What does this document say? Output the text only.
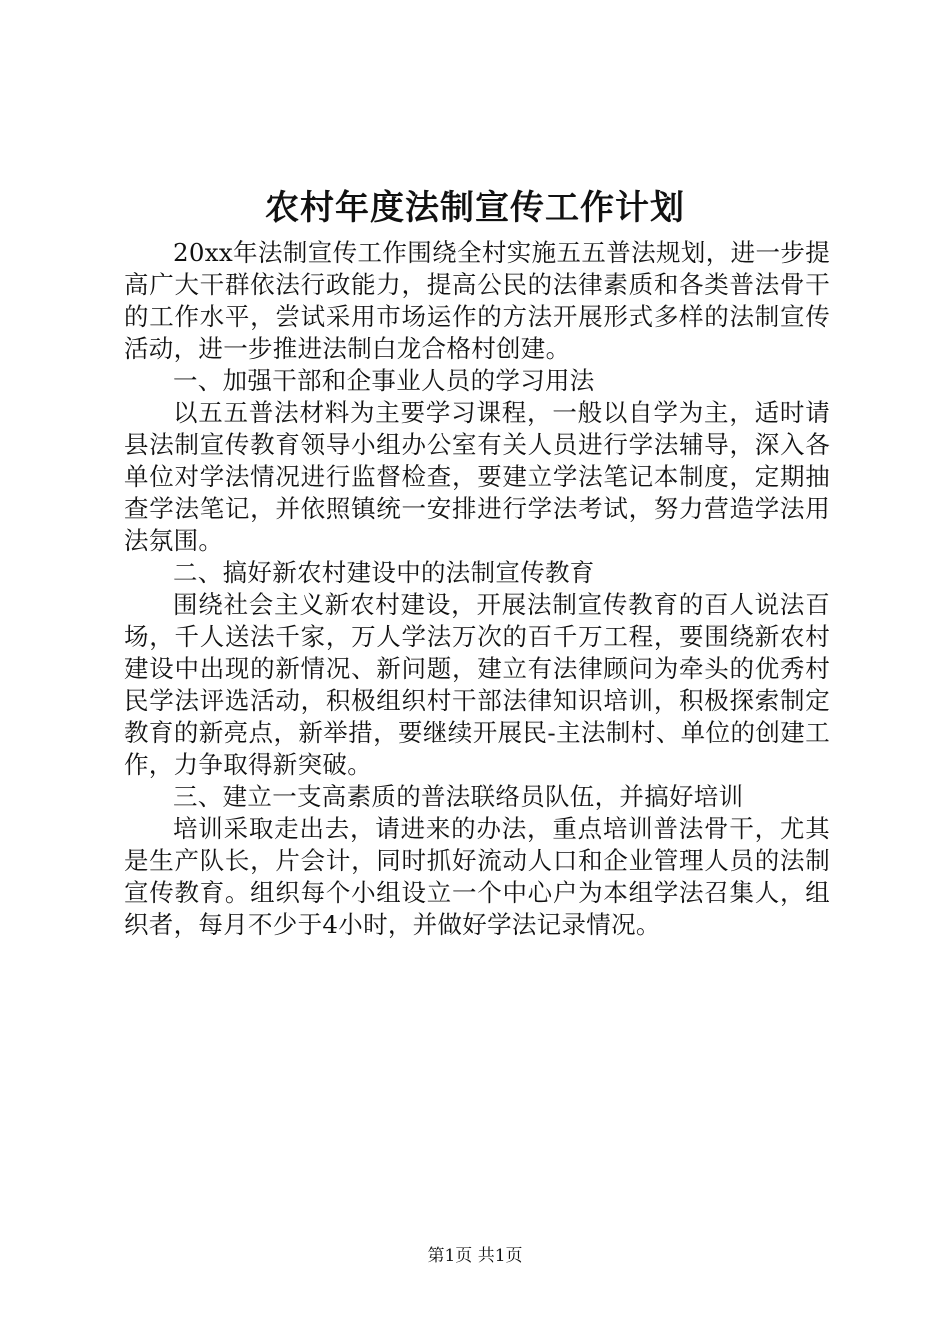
农村年度法制宣传工作计划

20xx年法制宣传工作围绕全村实施五五普法规划，进一步提高广大干群依法行政能力，提高公民的法律素质和各类普法骨干的工作水平，尝试采用市场运作的方法开展形式多样的法制宣传活动，进一步推进法制白龙合格村创建。

一、加强干部和企事业人员的学习用法

以五五普法材料为主要学习课程，一般以自学为主，适时请县法制宣传教育领导小组办公室有关人员进行学法辅导，深入各单位对学法情况进行监督检查，要建立学法笔记本制度，定期抽查学法笔记，并依照镇统一安排进行学法考试，努力营造学法用法氛围。

二、搞好新农村建设中的法制宣传教育

围绕社会主义新农村建设，开展法制宣传教育的百人说法百场，千人送法千家，万人学法万次的百千万工程，要围绕新农村建设中出现的新情况、新问题，建立有法律顾问为牵头的优秀村民学法评选活动，积极组织村干部法律知识培训，积极探索制定教育的新亮点，新举措，要继续开展民-主法制村、单位的创建工作，力争取得新突破。

三、建立一支高素质的普法联络员队伍，并搞好培训

培训采取走出去，请进来的办法，重点培训普法骨干，尤其是生产队长，片会计，同时抓好流动人口和企业管理人员的法制宣传教育。组织每个小组设立一个中心户为本组学法召集人，组织者，每月不少于4小时，并做好学法记录情况。

第1页 共1页
